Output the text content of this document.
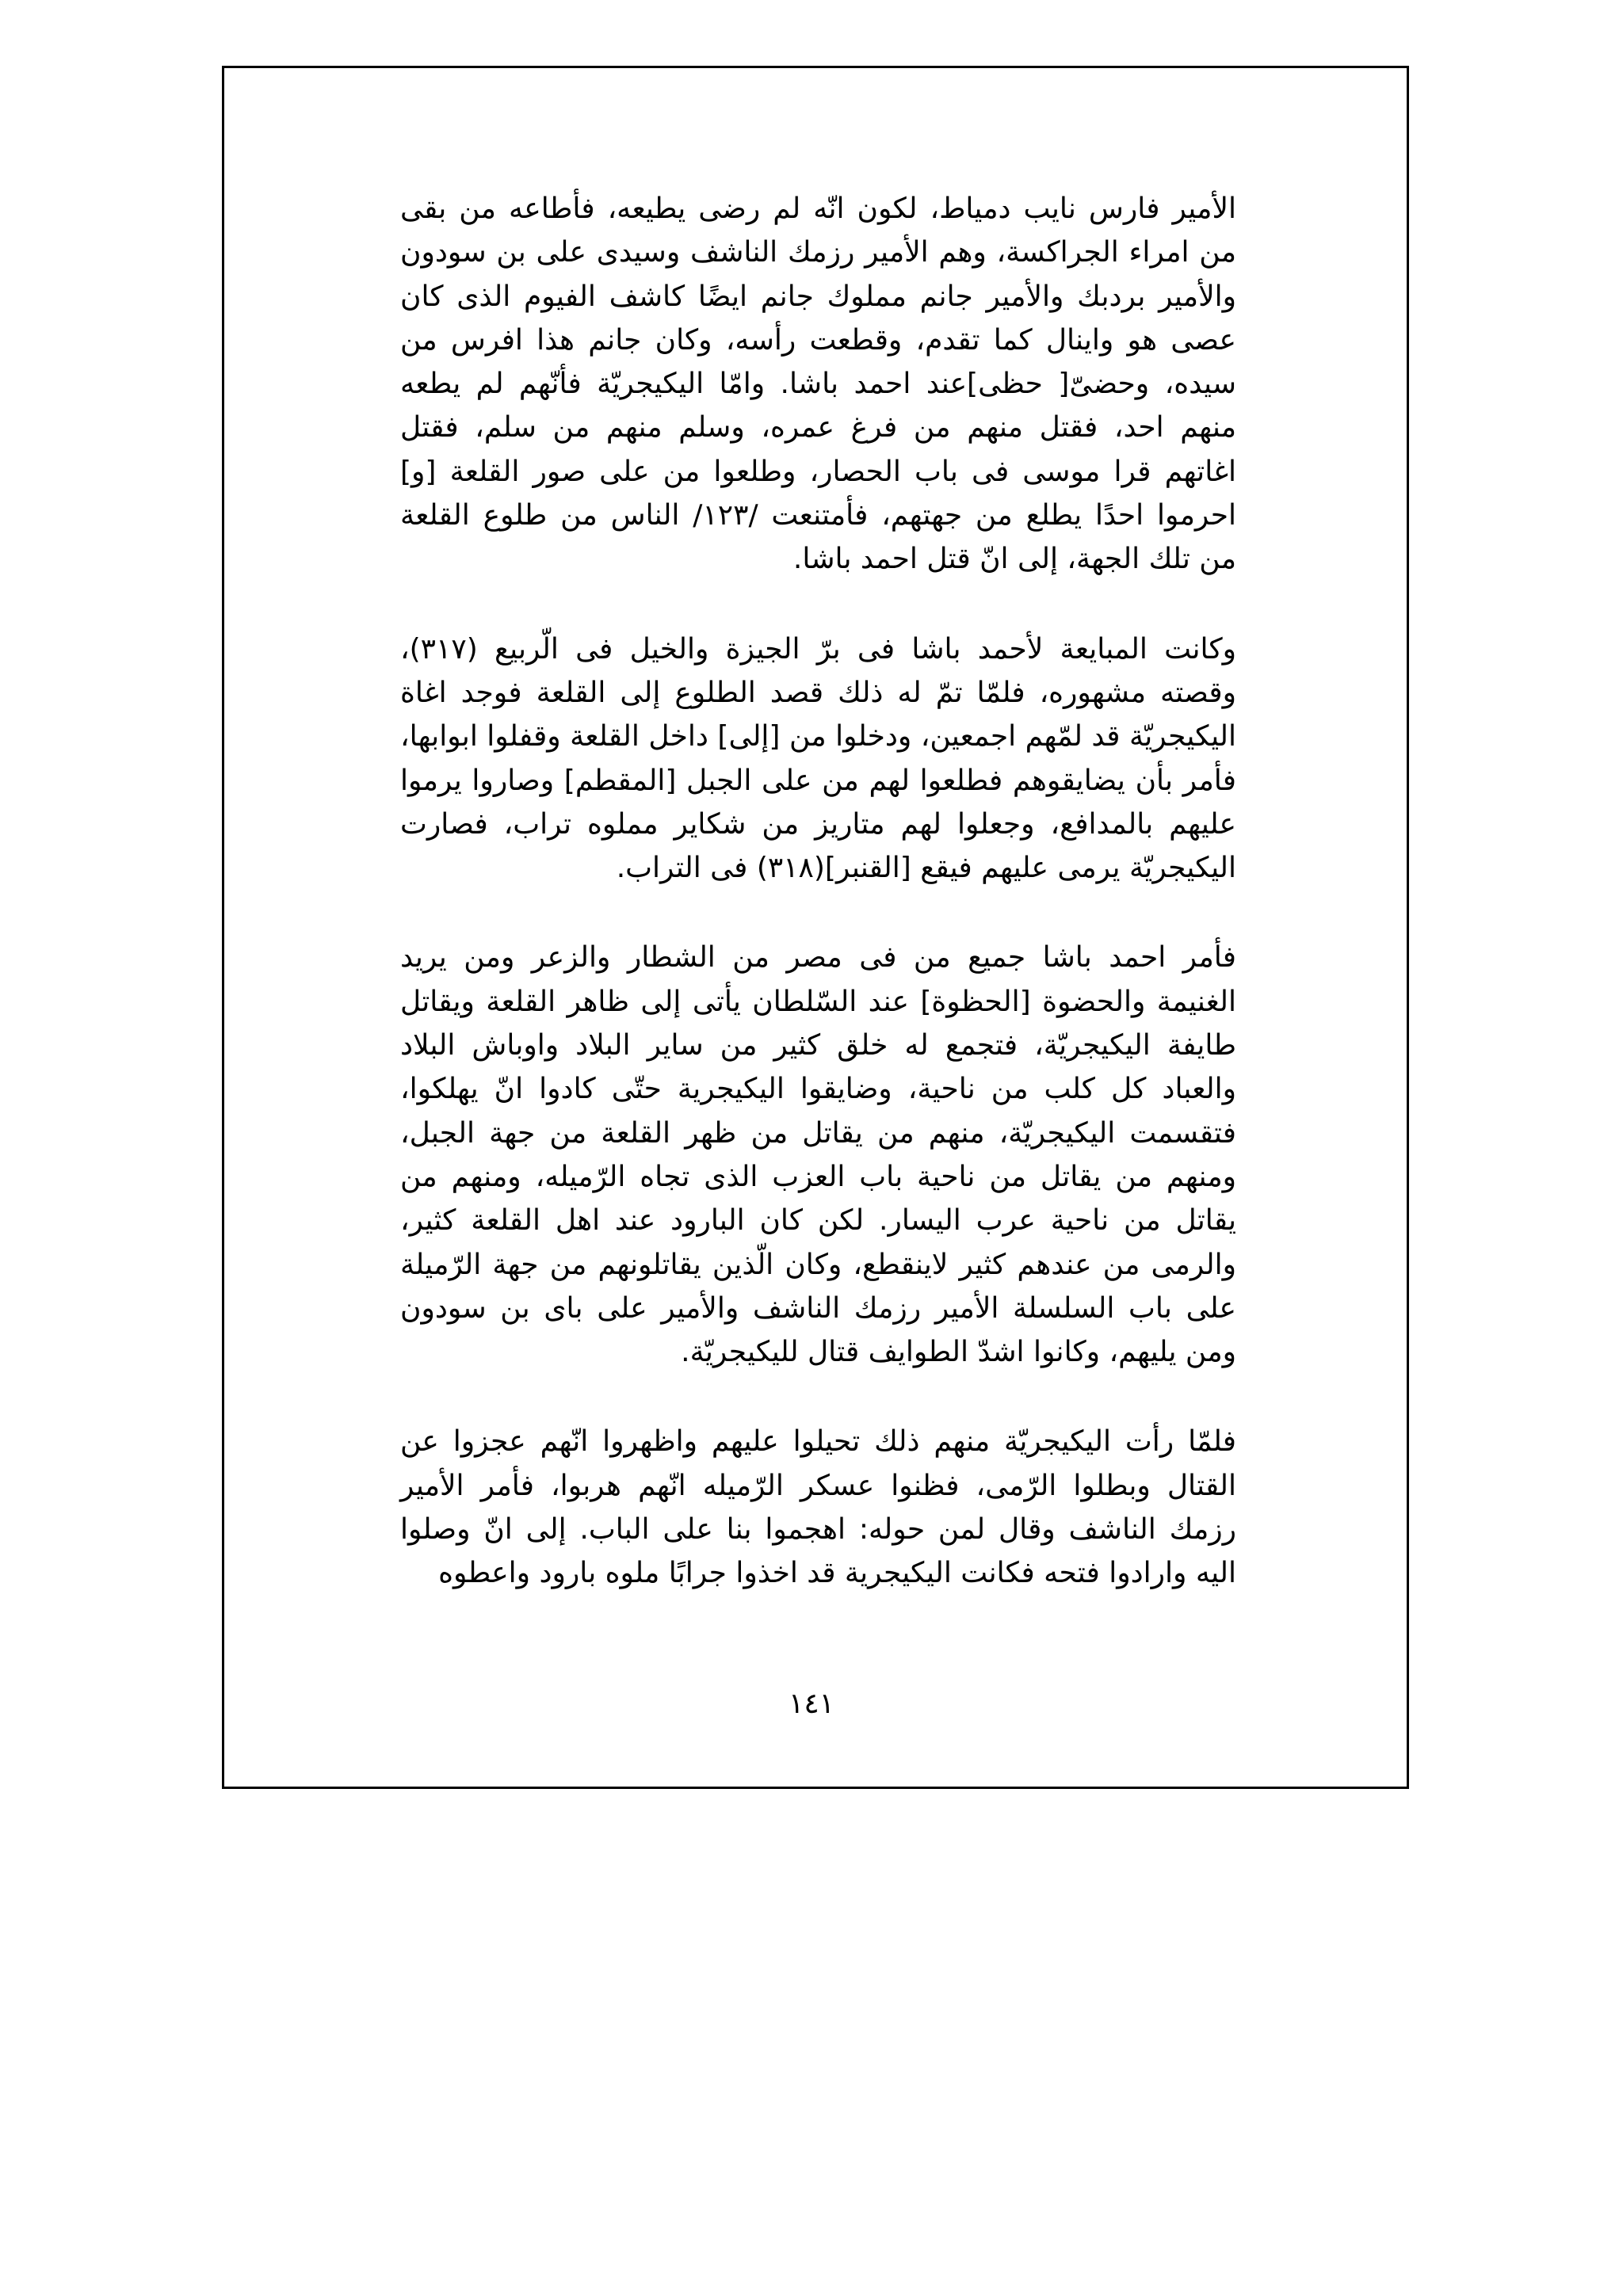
الأمير فارس نايب دمياط، لكون انّه لم رضى يطيعه، فأطاعه من بقى من امراء الجراكسة، وهم الأمير رزمك الناشف وسيدى على بن سودون والأمير بردبك والأمير جانم مملوك جانم ايضًا كاشف الفيوم الذى كان عصى هو واينال كما تقدم، وقطعت رأسه، وكان جانم هذا افرس من سيده، وحضىّ[ حظى]عند احمد باشا. وامّا اليكيجريّة فأنّهم لم يطعه منهم احد، فقتل منهم من فرغ عمره، وسلم منهم من سلم، فقتل اغاتهم قرا موسى فى باب الحصار، وطلعوا من على صور القلعة [و] احرموا احدًا يطلع من جهتهم، فأمتنعت /١٢٣/ الناس من طلوع القلعة من تلك الجهة، إلى انّ قتل احمد باشا.

وكانت المبايعة لأحمد باشا فى برّ الجيزة والخيل فى الّربيع (٣١٧)، وقصته مشهوره، فلمّا تمّ له ذلك قصد الطلوع إلى القلعة فوجد اغاة اليكيجريّة قد لمّهم اجمعين، ودخلوا من [إلى] داخل القلعة وقفلوا ابوابها، فأمر بأن يضايقوهم فطلعوا لهم من على الجبل [المقطم] وصاروا يرموا عليهم بالمدافع، وجعلوا لهم متاريز من شكاير مملوه تراب، فصارت اليكيجريّة يرمى عليهم فيقع [القنبر](٣١٨) فى التراب.

فأمر احمد باشا جميع من فى مصر من الشطار والزعر ومن يريد الغنيمة والحضوة [الحظوة] عند السّلطان يأتى إلى ظاهر القلعة ويقاتل طايفة اليكيجريّة، فتجمع له خلق كثير من ساير البلاد واوباش البلاد والعباد كل كلب من ناحية، وضايقوا اليكيجرية حتّى كادوا انّ يهلكوا، فتقسمت اليكيجريّة، منهم من يقاتل من ظهر القلعة من جهة الجبل، ومنهم من يقاتل من ناحية باب العزب الذى تجاه الرّميله، ومنهم من يقاتل من ناحية عرب اليسار. لكن كان البارود عند اهل القلعة كثير، والرمى من عندهم كثير لاينقطع، وكان الّذين يقاتلونهم من جهة الرّميلة على باب السلسلة الأمير رزمك الناشف والأمير على باى بن سودون ومن يليهم، وكانوا اشدّ الطوايف قتال لليكيجريّة.

فلمّا رأت اليكيجريّة منهم ذلك تحيلوا عليهم واظهروا انّهم عجزوا عن القتال وبطلوا الرّمى، فظنوا عسكر الرّميله انّهم هربوا، فأمر الأمير رزمك الناشف وقال لمن حوله: اهجموا بنا على الباب. إلى انّ وصلوا اليه وارادوا فتحه فكانت اليكيجرية قد اخذوا جرابًا ملوه بارود واعطوه

١٤١
